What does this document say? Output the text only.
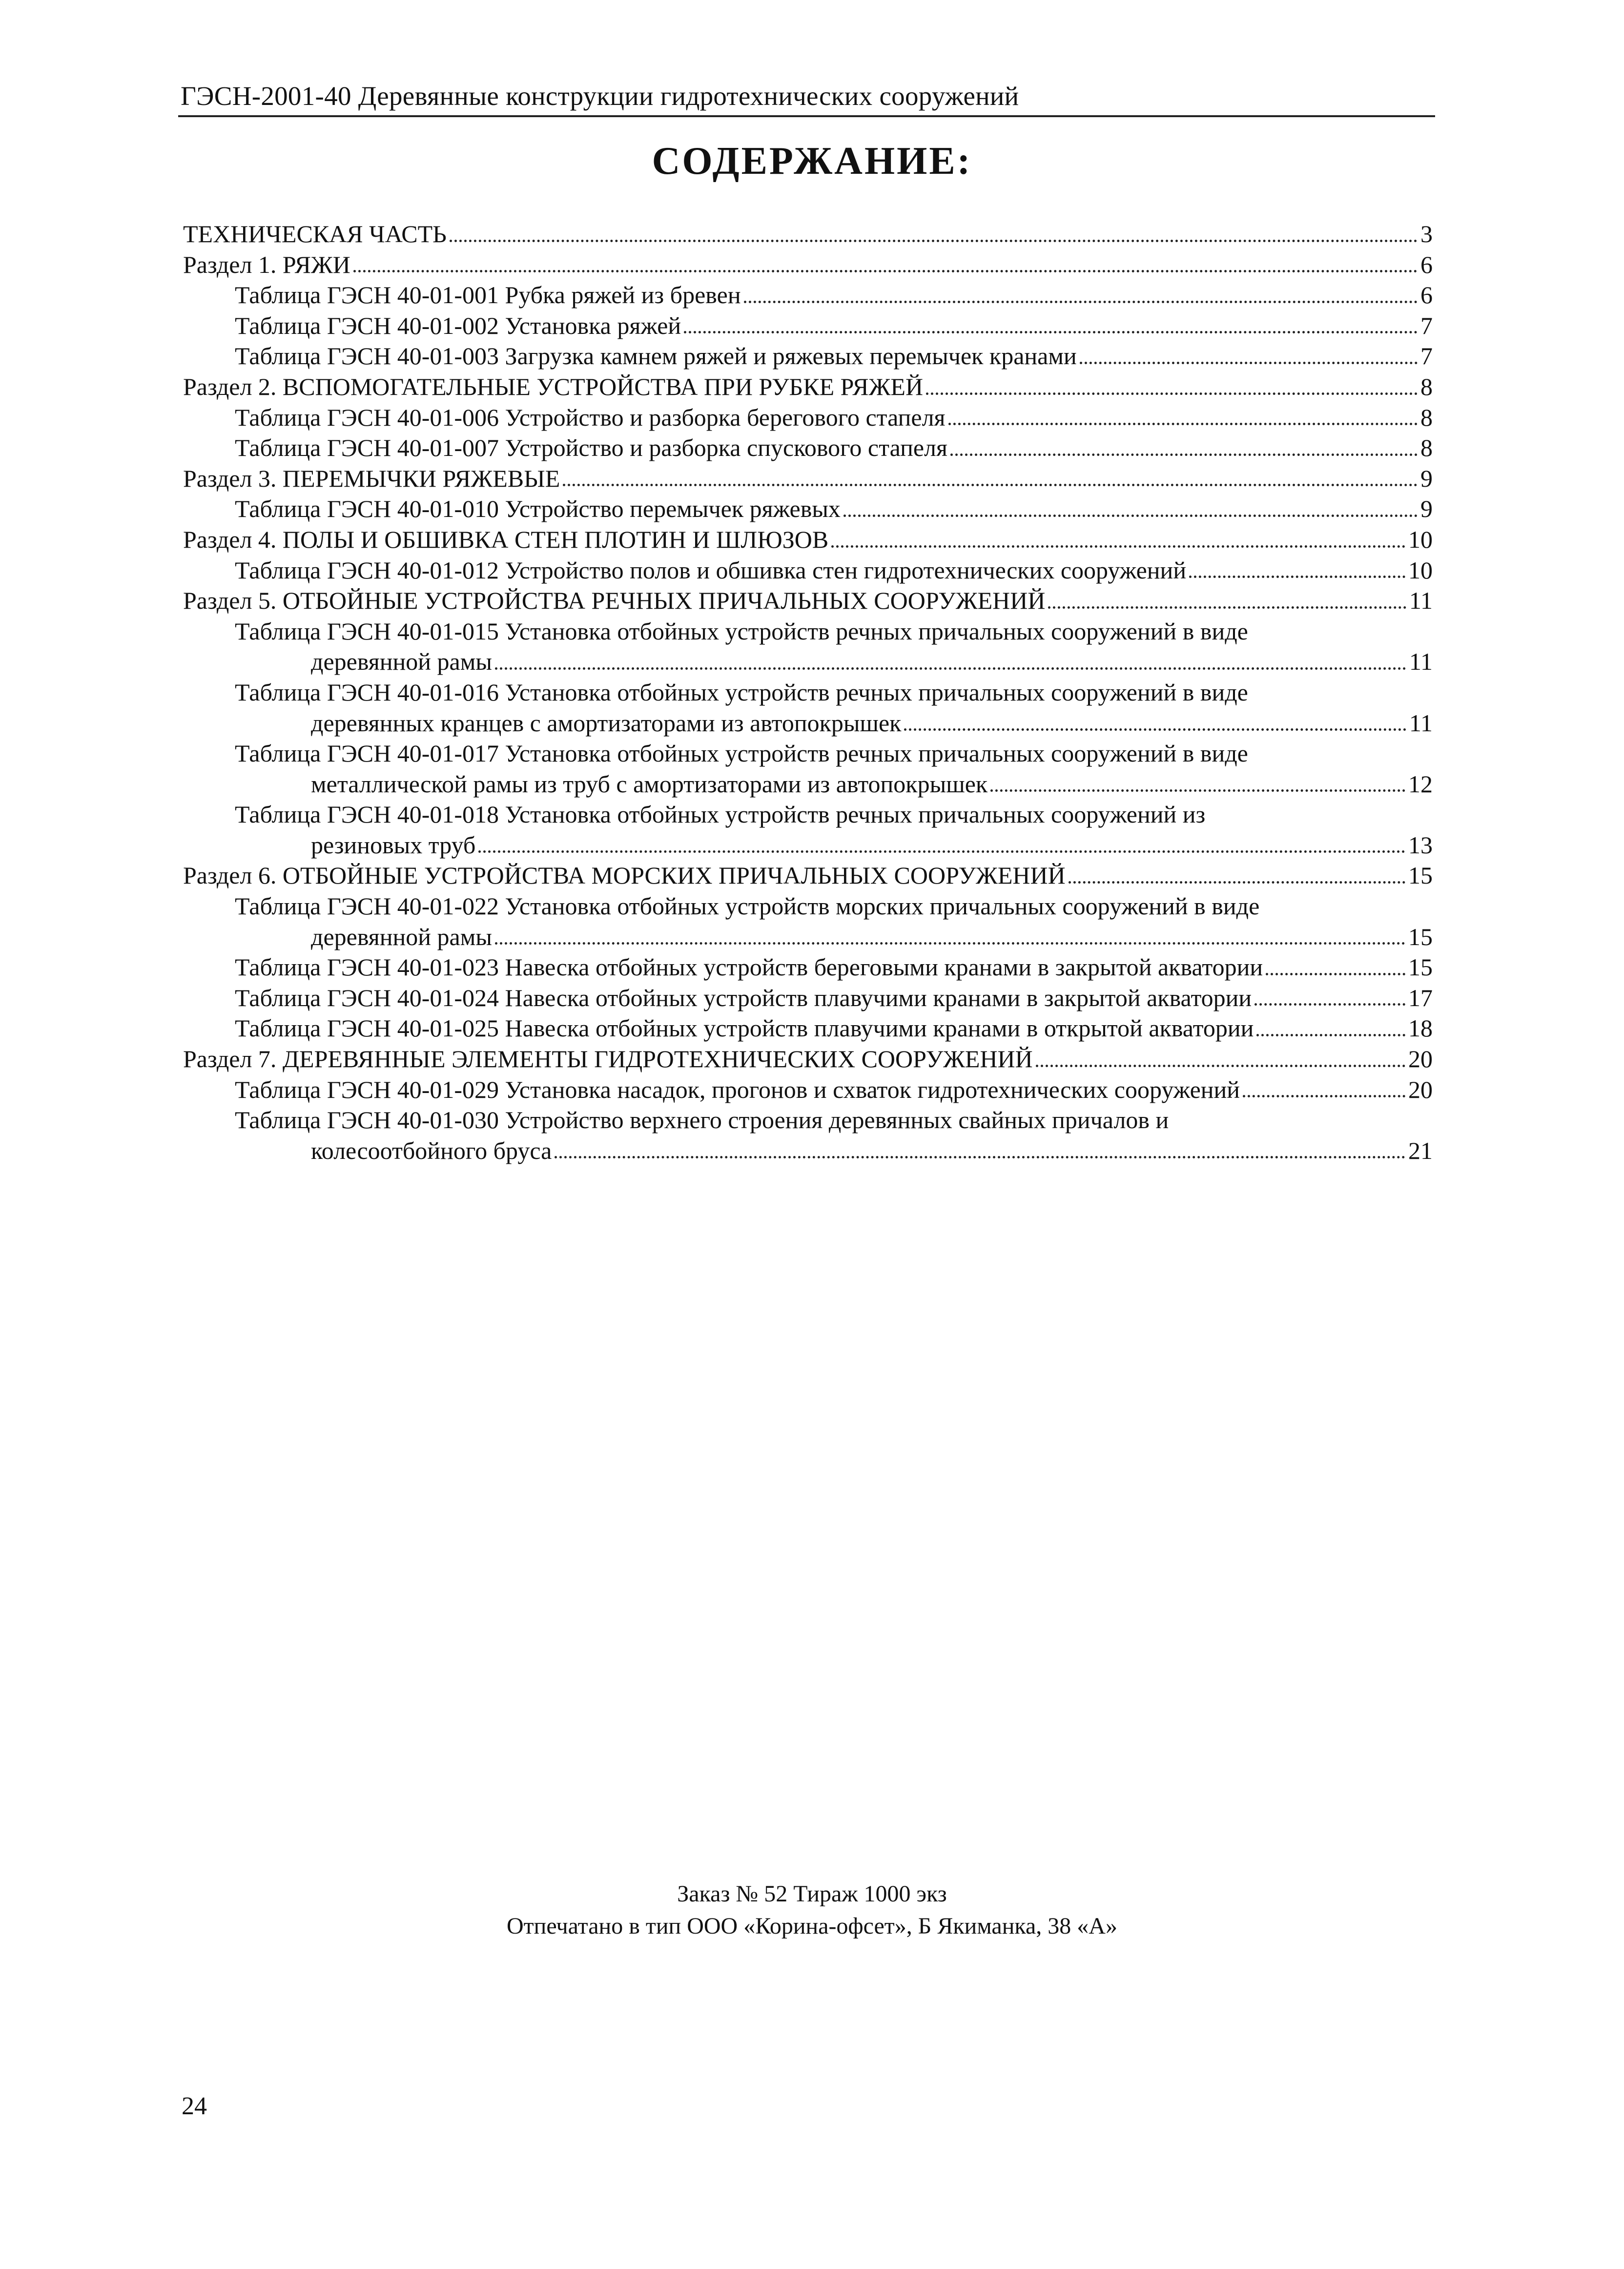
ГЭСН-2001-40 Деревянные конструкции гидротехнических сооружений
СОДЕРЖАНИЕ:
ТЕХНИЧЕСКАЯ ЧАСТЬ	3
Раздел 1. РЯЖИ	6
Таблица ГЭСН 40-01-001 Рубка ряжей из бревен	6
Таблица ГЭСН 40-01-002 Установка ряжей	7
Таблица ГЭСН 40-01-003 Загрузка камнем ряжей и ряжевых перемычек кранами	7
Раздел 2. ВСПОМОГАТЕЛЬНЫЕ УСТРОЙСТВА ПРИ РУБКЕ РЯЖЕЙ	8
Таблица ГЭСН 40-01-006 Устройство и разборка берегового стапеля	8
Таблица ГЭСН 40-01-007 Устройство и разборка спускового стапеля	8
Раздел 3. ПЕРЕМЫЧКИ РЯЖЕВЫЕ	9
Таблица ГЭСН 40-01-010 Устройство перемычек ряжевых	9
Раздел 4. ПОЛЫ И ОБШИВКА СТЕН ПЛОТИН И ШЛЮЗОВ	10
Таблица ГЭСН 40-01-012 Устройство полов и обшивка стен гидротехнических сооружений	10
Раздел 5. ОТБОЙНЫЕ УСТРОЙСТВА РЕЧНЫХ ПРИЧАЛЬНЫХ СООРУЖЕНИЙ	11
Таблица ГЭСН 40-01-015 Установка отбойных устройств речных причальных сооружений в виде
деревянной рамы	11
Таблица ГЭСН 40-01-016 Установка отбойных устройств речных причальных сооружений в виде
деревянных кранцев с амортизаторами из автопокрышек	11
Таблица ГЭСН 40-01-017 Установка отбойных устройств речных причальных сооружений в виде
металлической рамы из труб с амортизаторами из автопокрышек	12
Таблица ГЭСН 40-01-018 Установка отбойных устройств речных причальных сооружений из
резиновых труб	13
Раздел 6. ОТБОЙНЫЕ УСТРОЙСТВА МОРСКИХ ПРИЧАЛЬНЫХ СООРУЖЕНИЙ	15
Таблица ГЭСН 40-01-022 Установка отбойных устройств морских причальных сооружений в виде
деревянной рамы	15
Таблица ГЭСН 40-01-023 Навеска отбойных устройств береговыми кранами в закрытой акватории	15
Таблица ГЭСН 40-01-024 Навеска отбойных устройств плавучими кранами в закрытой акватории	17
Таблица ГЭСН 40-01-025 Навеска отбойных устройств плавучими кранами в открытой акватории	18
Раздел 7. ДЕРЕВЯННЫЕ ЭЛЕМЕНТЫ ГИДРОТЕХНИЧЕСКИХ СООРУЖЕНИЙ	20
Таблица ГЭСН 40-01-029 Установка насадок, прогонов и схваток гидротехнических сооружений	20
Таблица ГЭСН 40-01-030 Устройство верхнего строения деревянных свайных причалов и
колесоотбойного бруса	21
Заказ № 52 Тираж 1000 экз
Отпечатано в тип ООО «Корина-офсет», Б Якиманка, 38 «А»
24
